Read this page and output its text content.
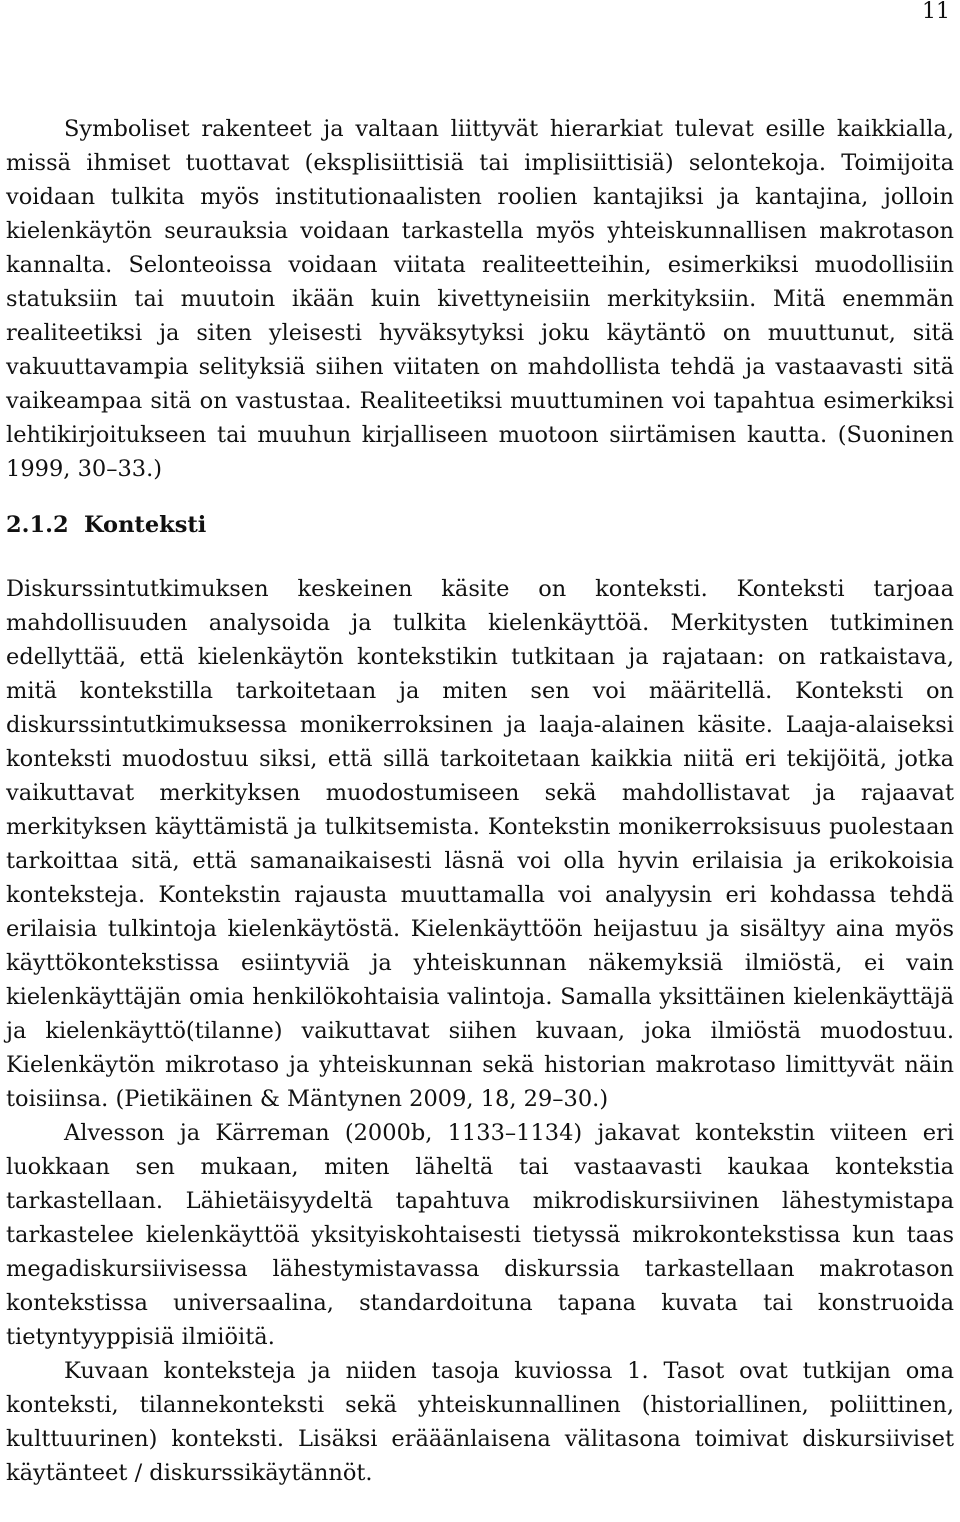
11

Symboliset rakenteet ja valtaan liittyvät hierarkiat tulevat esille kaikkialla, missä ihmiset tuottavat (eksplisiittisiä tai implisiittisiä) selontekoja. Toimijoita voidaan tulkita myös institutionaalisten roolien kantajiksi ja kantajina, jolloin kielenkäytön seurauksia voidaan tarkastella myös yhteiskunnallisen makrotason kannalta. Selonteoissa voidaan viitata realiteetteihin, esimerkiksi muodollisiin statuksiin tai muutoin ikään kuin kivettyneisiin merkityksiin. Mitä enemmän realiteetiksi ja siten yleisesti hyväksytyksi joku käytäntö on muuttunut, sitä vakuuttavampia selityksiä siihen viitaten on mahdollista tehdä ja vastaavasti sitä vaikeampaa sitä on vastustaa. Realiteetiksi muuttuminen voi tapahtua esimerkiksi lehtikirjoitukseen tai muuhun kirjalliseen muotoon siirtämisen kautta. (Suoninen 1999, 30–33.)

2.1.2 Konteksti

Diskurssintutkimuksen keskeinen käsite on konteksti. Konteksti tarjoaa mahdollisuuden analysoida ja tulkita kielenkäyttöä. Merkitysten tutkiminen edellyttää, että kielenkäytön kontekstikin tutkitaan ja rajataan: on ratkaistava, mitä kontekstilla tarkoitetaan ja miten sen voi määritellä. Konteksti on diskurssintutkimuksessa monikerroksinen ja laaja-alainen käsite. Laaja-alaiseksi konteksti muodostuu siksi, että sillä tarkoitetaan kaikkia niitä eri tekijöitä, jotka vaikuttavat merkityksen muodostumiseen sekä mahdollistavat ja rajaavat merkityksen käyttämistä ja tulkitsemista. Kontekstin monikerroksisuus puolestaan tarkoittaa sitä, että samanaikaisesti läsnä voi olla hyvin erilaisia ja erikokoisia konteksteja. Kontekstin rajausta muuttamalla voi analyysin eri kohdassa tehdä erilaisia tulkintoja kielenkäytöstä. Kielenkäyttöön heijastuu ja sisältyy aina myös käyttökontekstissa esiintyviä ja yhteiskunnan näkemyksiä ilmiöstä, ei vain kielenkäyttäjän omia henkilökohtaisia valintoja. Samalla yksittäinen kielenkäyttäjä ja kielenkäyttö(tilanne) vaikuttavat siihen kuvaan, joka ilmiöstä muodostuu. Kielenkäytön mikrotaso ja yhteiskunnan sekä historian makrotaso limittyvät näin toisiinsa. (Pietikäinen & Mäntynen 2009, 18, 29–30.)

Alvesson ja Kärreman (2000b, 1133–1134) jakavat kontekstin viiteen eri luokkaan sen mukaan, miten läheltä tai vastaavasti kaukaa kontekstia tarkastellaan. Lähietäisyydeltä tapahtuva mikrodiskursiivinen lähestymistapa tarkastelee kielenkäyttöä yksityiskohtaisesti tietyssä mikrokontekstissa kun taas megadiskursiivisessa lähestymistavassa diskurssia tarkastellaan makrotason kontekstissa universaalina, standardoituna tapana kuvata tai konstruoida tietyntyyppisiä ilmiöitä.

Kuvaan konteksteja ja niiden tasoja kuviossa 1. Tasot ovat tutkijan oma konteksti, tilannekonteksti sekä yhteiskunnallinen (historiallinen, poliittinen, kulttuurinen) konteksti. Lisäksi erääänlaisena välitasona toimivat diskursiiviset käytänteet / diskurssikäytännöt.
